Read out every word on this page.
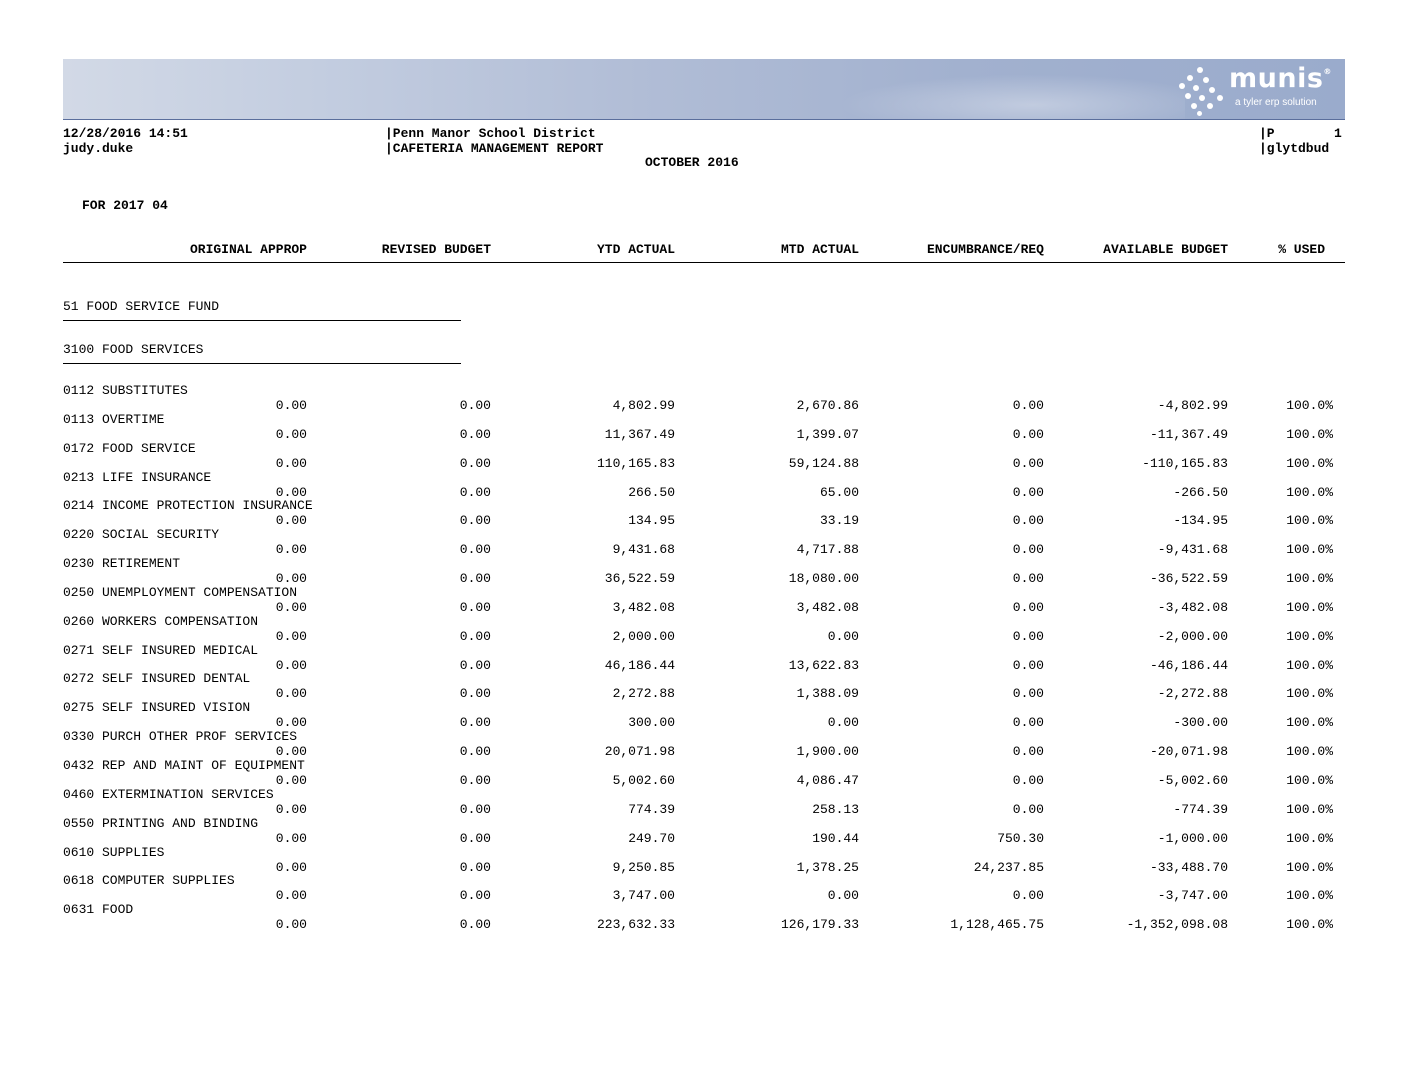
munis®
a tyler erp solution
12/28/2016 14:51
judy.duke
|Penn Manor School District
|CAFETERIA MANAGEMENT REPORT
OCTOBER 2016
|P	1
|glytdbud
FOR 2017 04
ORIGINAL APPROP	REVISED BUDGET	YTD ACTUAL	MTD ACTUAL	ENCUMBRANCE/REQ	AVAILABLE BUDGET	% USED
51 FOOD SERVICE FUND
3100 FOOD SERVICES
0112 SUBSTITUTES
0.00	0.00	4,802.99	2,670.86	0.00	-4,802.99	100.0%
0113 OVERTIME
0.00	0.00	11,367.49	1,399.07	0.00	-11,367.49	100.0%
0172 FOOD SERVICE
0.00	0.00	110,165.83	59,124.88	0.00	-110,165.83	100.0%
0213 LIFE INSURANCE
0.00	0.00	266.50	65.00	0.00	-266.50	100.0%
0214 INCOME PROTECTION INSURANCE
0.00	0.00	134.95	33.19	0.00	-134.95	100.0%
0220 SOCIAL SECURITY
0.00	0.00	9,431.68	4,717.88	0.00	-9,431.68	100.0%
0230 RETIREMENT
0.00	0.00	36,522.59	18,080.00	0.00	-36,522.59	100.0%
0250 UNEMPLOYMENT COMPENSATION
0.00	0.00	3,482.08	3,482.08	0.00	-3,482.08	100.0%
0260 WORKERS COMPENSATION
0.00	0.00	2,000.00	0.00	0.00	-2,000.00	100.0%
0271 SELF INSURED MEDICAL
0.00	0.00	46,186.44	13,622.83	0.00	-46,186.44	100.0%
0272 SELF INSURED DENTAL
0.00	0.00	2,272.88	1,388.09	0.00	-2,272.88	100.0%
0275 SELF INSURED VISION
0.00	0.00	300.00	0.00	0.00	-300.00	100.0%
0330 PURCH OTHER PROF SERVICES
0.00	0.00	20,071.98	1,900.00	0.00	-20,071.98	100.0%
0432 REP AND MAINT OF EQUIPMENT
0.00	0.00	5,002.60	4,086.47	0.00	-5,002.60	100.0%
0460 EXTERMINATION SERVICES
0.00	0.00	774.39	258.13	0.00	-774.39	100.0%
0550 PRINTING AND BINDING
0.00	0.00	249.70	190.44	750.30	-1,000.00	100.0%
0610 SUPPLIES
0.00	0.00	9,250.85	1,378.25	24,237.85	-33,488.70	100.0%
0618 COMPUTER SUPPLIES
0.00	0.00	3,747.00	0.00	0.00	-3,747.00	100.0%
0631 FOOD
0.00	0.00	223,632.33	126,179.33	1,128,465.75	-1,352,098.08	100.0%
